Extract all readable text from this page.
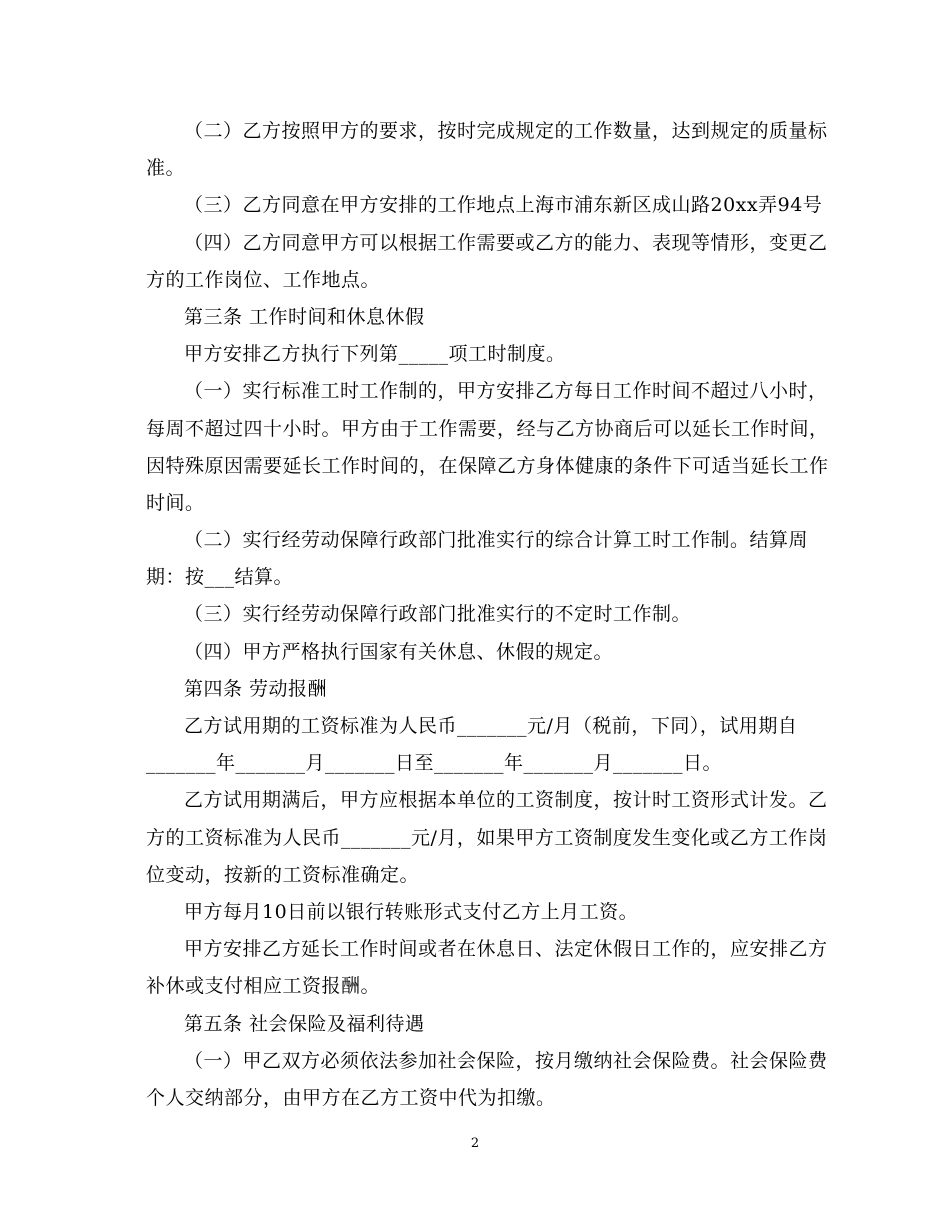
（二）乙方按照甲方的要求，按时完成规定的工作数量，达到规定的质量标
准。
（三）乙方同意在甲方安排的工作地点上海市浦东新区成山路20xx弄94号
（四）乙方同意甲方可以根据工作需要或乙方的能力、表现等情形，变更乙
方的工作岗位、工作地点。
第三条 工作时间和休息休假
甲方安排乙方执行下列第_____项工时制度。
（一）实行标准工时工作制的，甲方安排乙方每日工作时间不超过八小时，
每周不超过四十小时。甲方由于工作需要，经与乙方协商后可以延长工作时间，
因特殊原因需要延长工作时间的，在保障乙方身体健康的条件下可适当延长工作
时间。
（二）实行经劳动保障行政部门批准实行的综合计算工时工作制。结算周
期：按___结算。
（三）实行经劳动保障行政部门批准实行的不定时工作制。
（四）甲方严格执行国家有关休息、休假的规定。
第四条 劳动报酬
乙方试用期的工资标准为人民币_______元/月（税前，下同），试用期自
_______年_______月_______日至_______年_______月_______日。
乙方试用期满后，甲方应根据本单位的工资制度，按计时工资形式计发。乙
方的工资标准为人民币_______元/月，如果甲方工资制度发生变化或乙方工作岗
位变动，按新的工资标准确定。
甲方每月10日前以银行转账形式支付乙方上月工资。
甲方安排乙方延长工作时间或者在休息日、法定休假日工作的，应安排乙方
补休或支付相应工资报酬。
第五条 社会保险及福利待遇
（一）甲乙双方必须依法参加社会保险，按月缴纳社会保险费。社会保险费
个人交纳部分，由甲方在乙方工资中代为扣缴。
2
